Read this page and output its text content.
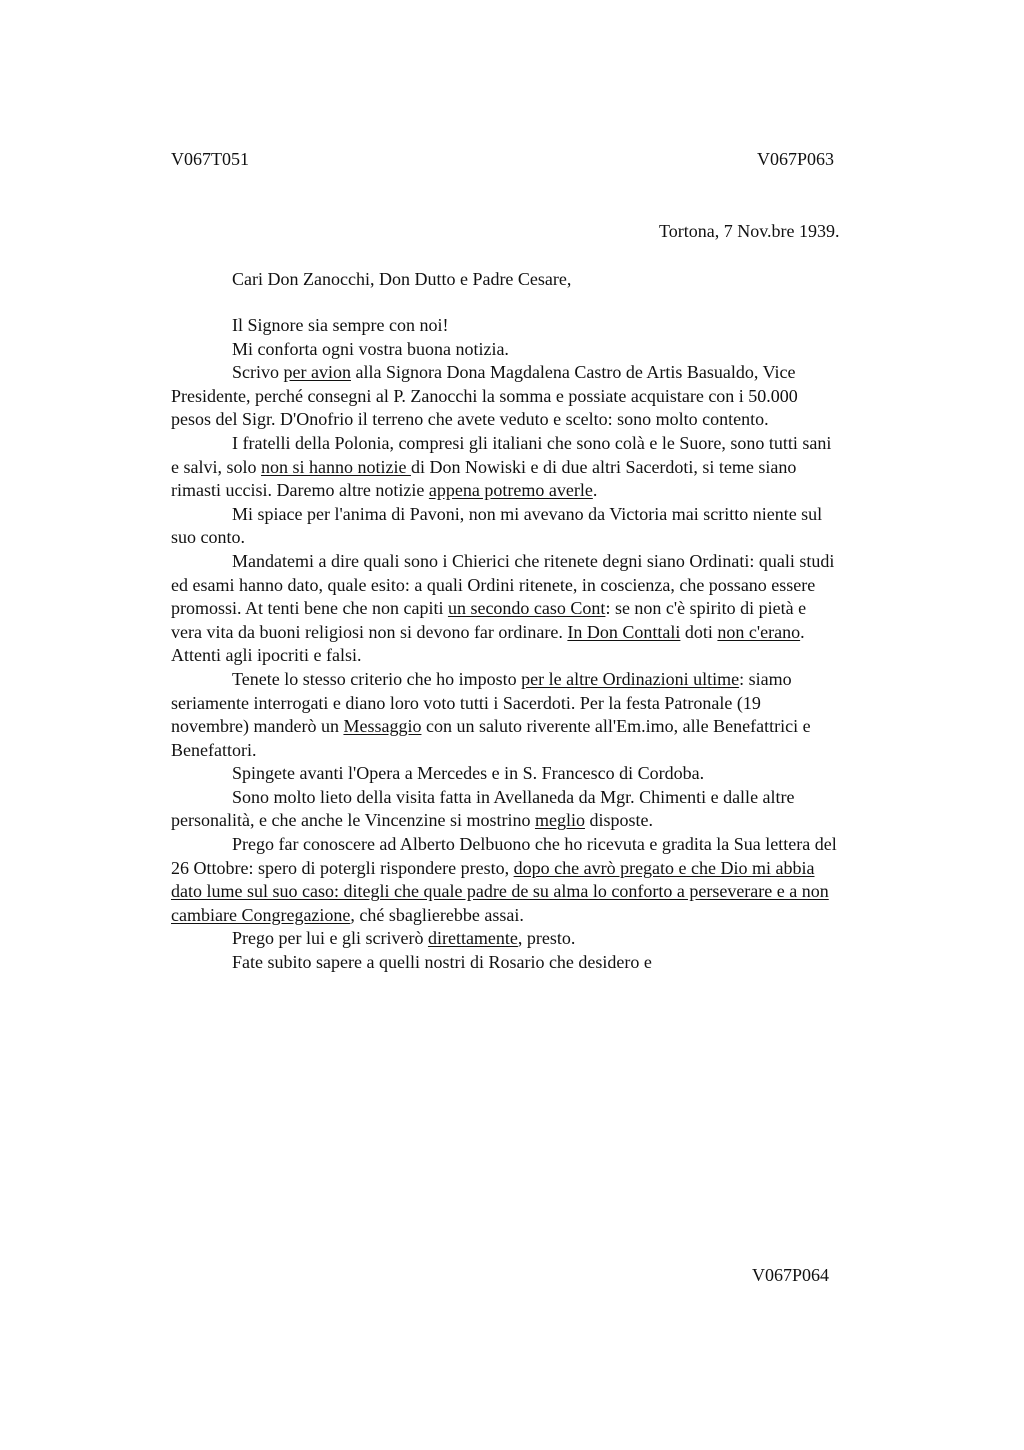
V067T051	V067P063
Tortona, 7 Nov.bre 1939.
Cari Don Zanocchi, Don Dutto e Padre Cesare,
Il Signore sia sempre con noi!
Mi conforta ogni vostra buona notizia.
Scrivo per avion alla Signora Dona Magdalena Castro de Artis Basualdo, Vice
Presidente, perché consegni al P. Zanocchi la somma e possiate acquistare con i 50.000
pesos del Sigr. D'Onofrio il terreno che avete veduto e scelto: sono molto contento.
I fratelli della Polonia, compresi gli italiani che sono colà e le Suore, sono tutti sani
e salvi, solo non si hanno notizie di Don Nowiski e di due altri Sacerdoti, si teme siano
rimasti uccisi. Daremo altre notizie appena potremo averle.
Mi spiace per l'anima di Pavoni, non mi avevano da Victoria mai scritto niente sul
suo conto.
Mandatemi a dire quali sono i Chierici che ritenete degni siano Ordinati: quali studi
ed esami hanno dato, quale esito: a quali Ordini ritenete, in coscienza, che possano essere
promossi. At tenti bene che non capiti un secondo caso Cont: se non c'è spirito di pietà e
vera vita da buoni religiosi non si devono far ordinare. In Don Conttali doti non c'erano.
Attenti agli ipocriti e falsi.
Tenete lo stesso criterio che ho imposto per le altre Ordinazioni ultime: siamo
seriamente interrogati e diano loro voto tutti i Sacerdoti. Per la festa Patronale (19
novembre) manderò un Messaggio con un saluto riverente all'Em.imo, alle Benefattrici e
Benefattori.
Spingete avanti l'Opera a Mercedes e in S. Francesco di Cordoba.
Sono molto lieto della visita fatta in Avellaneda da Mgr. Chimenti e dalle altre
personalità, e che anche le Vincenzine si mostrino meglio disposte.
Prego far conoscere ad Alberto Delbuono che ho ricevuta e gradita la Sua lettera del
26 Ottobre: spero di potergli rispondere presto, dopo che avrò pregato e che Dio mi abbia
dato lume sul suo caso: ditegli che quale padre de su alma lo conforto a perseverare e a non
cambiare Congregazione, ché sbaglierebbe assai.
Prego per lui e gli scriverò direttamente, presto.
Fate subito sapere a quelli nostri di Rosario che desidero e
V067P064
